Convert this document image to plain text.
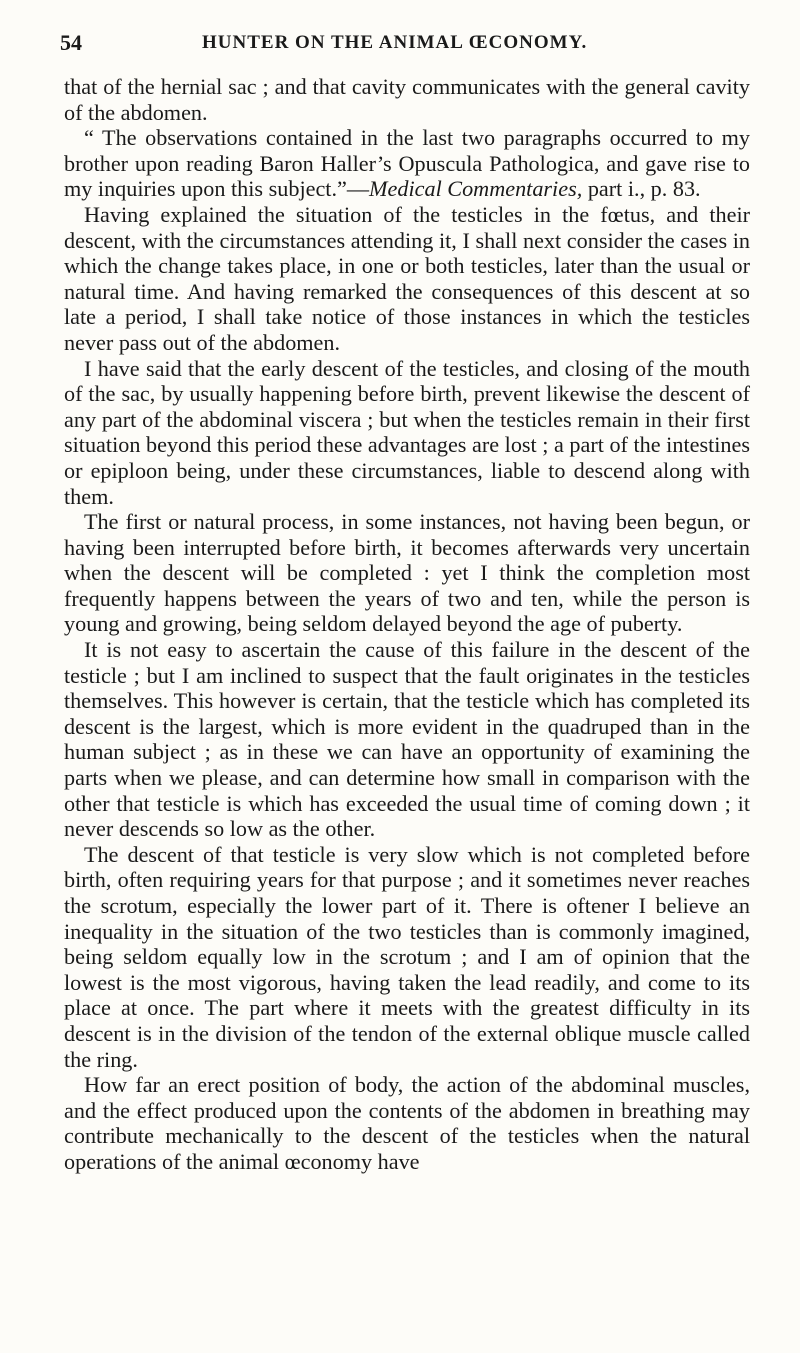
54	HUNTER ON THE ANIMAL ŒCONOMY.

that of the hernial sac ; and that cavity communicates with the general cavity of the abdomen.

“ The observations contained in the last two paragraphs occurred to my brother upon reading Baron Haller’s Opuscula Pathologica, and gave rise to my inquiries upon this subject.”—Medical Commentaries, part i., p. 83.

Having explained the situation of the testicles in the fœtus, and their descent, with the circumstances attending it, I shall next consider the cases in which the change takes place, in one or both testicles, later than the usual or natural time. And having remarked the consequences of this descent at so late a period, I shall take notice of those instances in which the testicles never pass out of the abdomen.

I have said that the early descent of the testicles, and closing of the mouth of the sac, by usually happening before birth, prevent likewise the descent of any part of the abdominal viscera ; but when the testicles remain in their first situation beyond this period these advantages are lost ; a part of the intestines or epiploon being, under these circumstances, liable to descend along with them.

The first or natural process, in some instances, not having been begun, or having been interrupted before birth, it becomes afterwards very uncertain when the descent will be completed : yet I think the completion most frequently happens between the years of two and ten, while the person is young and growing, being seldom delayed beyond the age of puberty.

It is not easy to ascertain the cause of this failure in the descent of the testicle ; but I am inclined to suspect that the fault originates in the testicles themselves. This however is certain, that the testicle which has completed its descent is the largest, which is more evident in the quadruped than in the human subject ; as in these we can have an opportunity of examining the parts when we please, and can determine how small in comparison with the other that testicle is which has exceeded the usual time of coming down ; it never descends so low as the other.

The descent of that testicle is very slow which is not completed before birth, often requiring years for that purpose ; and it sometimes never reaches the scrotum, especially the lower part of it. There is oftener I believe an inequality in the situation of the two testicles than is commonly imagined, being seldom equally low in the scrotum ; and I am of opinion that the lowest is the most vigorous, having taken the lead readily, and come to its place at once. The part where it meets with the greatest difficulty in its descent is in the division of the tendon of the external oblique muscle called the ring.

How far an erect position of body, the action of the abdominal muscles, and the effect produced upon the contents of the abdomen in breathing may contribute mechanically to the descent of the testicles when the natural operations of the animal œconomy have
